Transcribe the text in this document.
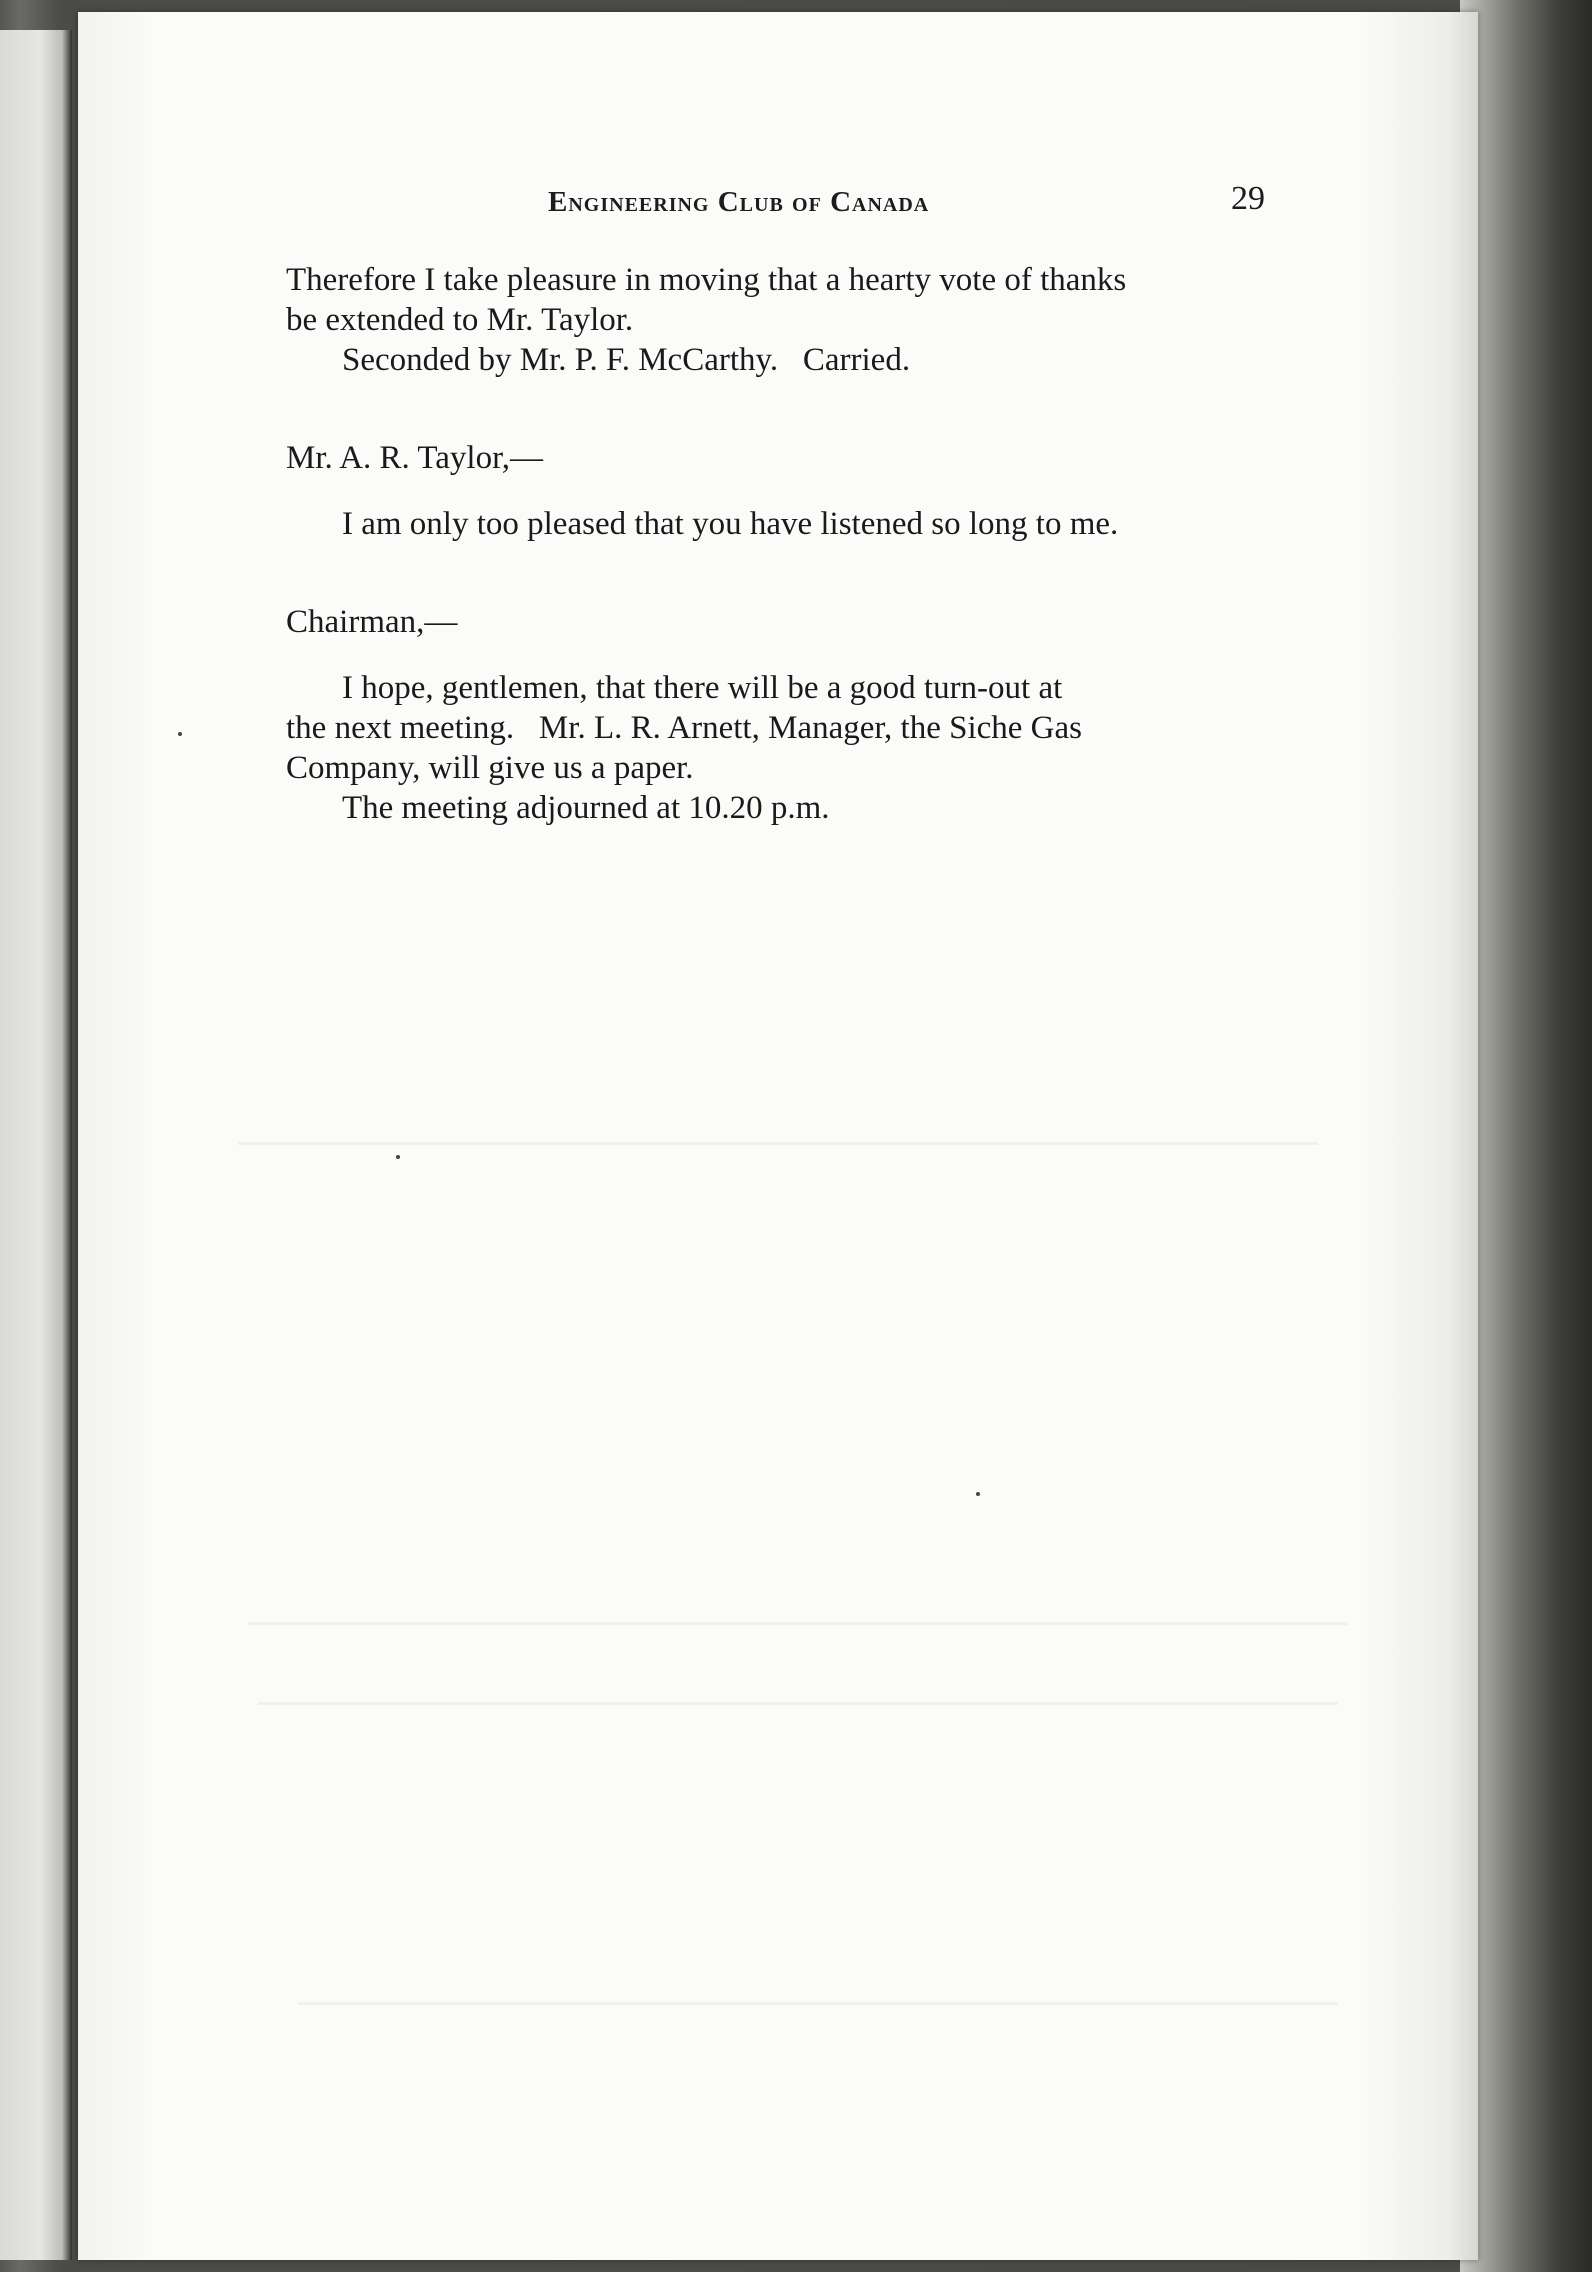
Engineering Club of Canada	29

Therefore I take pleasure in moving that a hearty vote of thanks
be extended to Mr. Taylor.

Seconded by Mr. P. F. McCarthy.   Carried.

Mr. A. R. Taylor,—

I am only too pleased that you have listened so long to me.

Chairman,—

I hope, gentlemen, that there will be a good turn-out at
the next meeting.   Mr. L. R. Arnett, Manager, the Siche Gas
Company, will give us a paper.

The meeting adjourned at 10.20 p.m.
